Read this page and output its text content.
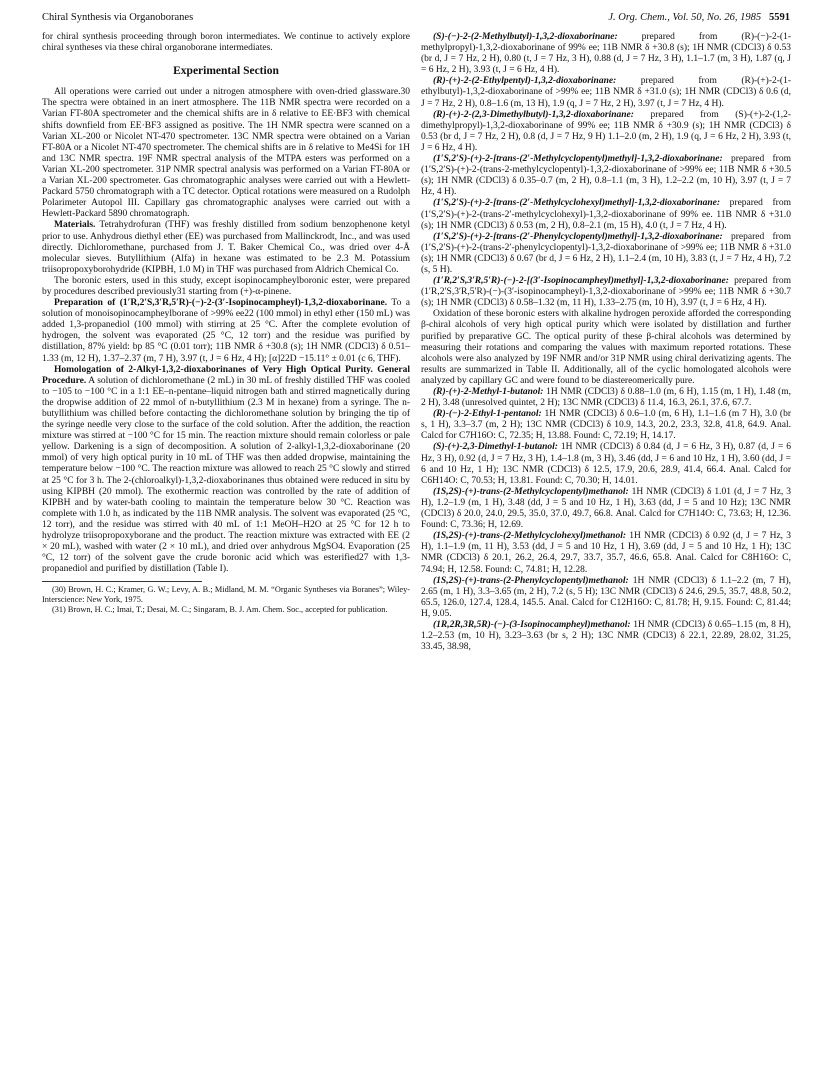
Chiral Synthesis via Organoboranes	J. Org. Chem., Vol. 50, No. 26, 1985 5591

for chiral synthesis proceeding through boron intermediates. We continue to actively explore chiral syntheses via these chiral organoborane intermediates.

Experimental Section

All operations were carried out under a nitrogen atmosphere with oven-dried glassware.30 The spectra were obtained in an inert atmosphere. The 11B NMR spectra were recorded on a Varian FT-80A spectrometer and the chemical shifts are in δ relative to EE·BF3 with chemical shifts downfield from EE·BF3 assigned as positive. The 1H NMR spectra were scanned on a Varian XL-200 or Nicolet NT-470 spectrometer. 13C NMR spectra were obtained on a Varian FT-80A or a Nicolet NT-470 spectrometer. The chemical shifts are in δ relative to Me4Si for 1H and 13C NMR spectra. 19F NMR spectral analysis of the MTPA esters was performed on a Varian XL-200 spectrometer. 31P NMR spectral analysis was performed on a Varian FT-80A or a Varian XL-200 spectrometer. Gas chromatographic analyses were carried out with a Hewlett-Packard 5750 chromatograph with a TC detector. Optical rotations were measured on a Rudolph Polarimeter Autopol III. Capillary gas chromatographic analyses were carried out with a Hewlett-Packard 5890 chromatograph.

Materials. Tetrahydrofuran (THF) was freshly distilled from sodium benzophenone ketyl prior to use. Anhydrous diethyl ether (EE) was purchased from Mallinckrodt, Inc., and was used directly. Dichloromethane, purchased from J. T. Baker Chemical Co., was dried over 4-Å molecular sieves. Butyllithium (Alfa) in hexane was estimated to be 2.3 M. Potassium triisopropoxyborohydride (KIPBH, 1.0 M) in THF was purchased from Aldrich Chemical Co.

The boronic esters, used in this study, except isopinocampheylboronic ester, were prepared by procedures described previously31 starting from (+)-α-pinene.

Preparation of (1′R,2′S,3′R,5′R)-(−)-2-(3′-Isopinocampheyl)-1,3,2-dioxaborinane. To a solution of monoisopinocampheylborane of >99% ee22 (100 mmol) in ethyl ether (150 mL) was added 1,3-propanediol (100 mmol) with stirring at 25 °C. After the complete evolution of hydrogen, the solvent was evaporated (25 °C, 12 torr) and the residue was purified by distillation, 87% yield: bp 85 °C (0.01 torr); 11B NMR δ +30.8 (s); 1H NMR (CDCl3) δ 0.51–1.33 (m, 12 H), 1.37–2.37 (m, 7 H), 3.97 (t, J = 6 Hz, 4 H); [α]22D −15.11° ± 0.01 (c 6, THF).

Homologation of 2-Alkyl-1,3,2-dioxaborinanes of Very High Optical Purity. General Procedure. A solution of dichloromethane (2 mL) in 30 mL of freshly distilled THF was cooled to −105 to −100 °C in a 1:1 EE–n-pentane–liquid nitrogen bath and stirred magnetically during the dropwise addition of 22 mmol of n-butyllithium (2.3 M in hexane) from a syringe. The n-butyllithium was chilled before contacting the dichloromethane solution by bringing the tip of the syringe needle very close to the surface of the cold solution. After the addition, the reaction mixture was stirred at −100 °C for 15 min. The reaction mixture should remain colorless or pale yellow. Darkening is a sign of decomposition. A solution of 2-alkyl-1,3,2-dioxaborinane (20 mmol) of very high optical purity in 10 mL of THF was then added dropwise, maintaining the temperature below −100 °C. The reaction mixture was allowed to reach 25 °C slowly and stirred at 25 °C for 3 h. The 2-(chloroalkyl)-1,3,2-dioxaborinanes thus obtained were reduced in situ by using KIPBH (20 mmol). The exothermic reaction was controlled by the rate of addition of KIPBH and by water-bath cooling to maintain the temperature below 30 °C. Reaction was complete with 1.0 h, as indicated by the 11B NMR analysis. The solvent was evaporated (25 °C, 12 torr), and the residue was stirred with 40 mL of 1:1 MeOH–H2O at 25 °C for 12 h to hydrolyze triisopropoxyborane and the product. The reaction mixture was extracted with EE (2 × 20 mL), washed with water (2 × 10 mL), and dried over anhydrous MgSO4. Evaporation (25 °C, 12 torr) of the solvent gave the crude boronic acid which was esterified27 with 1,3-propanediol and purified by distillation (Table I).

(30) Brown, H. C.; Kramer, G. W.; Levy, A. B.; Midland, M. M. “Organic Syntheses via Boranes”; Wiley-Interscience: New York, 1975.

(31) Brown, H. C.; Imai, T.; Desai, M. C.; Singaram, B. J. Am. Chem. Soc., accepted for publication.

(S)-(−)-2-(2-Methylbutyl)-1,3,2-dioxaborinane: prepared from (R)-(−)-2-(1-methylpropyl)-1,3,2-dioxaborinane of 99% ee; 11B NMR δ +30.8 (s); 1H NMR (CDCl3) δ 0.53 (br d, J = 7 Hz, 2 H), 0.80 (t, J = 7 Hz, 3 H), 0.88 (d, J = 7 Hz, 3 H), 1.1–1.7 (m, 3 H), 1.87 (q, J = 6 Hz, 2 H), 3.93 (t, J = 6 Hz, 4 H).

(R)-(+)-2-(2-Ethylpentyl)-1,3,2-dioxaborinane: prepared from (R)-(+)-2-(1-ethylbutyl)-1,3,2-dioxaborinane of >99% ee; 11B NMR δ +31.0 (s); 1H NMR (CDCl3) δ 0.6 (d, J = 7 Hz, 2 H), 0.8–1.6 (m, 13 H), 1.9 (q, J = 7 Hz, 2 H), 3.97 (t, J = 7 Hz, 4 H).

(R)-(+)-2-(2,3-Dimethylbutyl)-1,3,2-dioxaborinane: prepared from (S)-(+)-2-(1,2-dimethylpropyl)-1,3,2-dioxaborinane of 99% ee; 11B NMR δ +30.9 (s); 1H NMR (CDCl3) δ 0.53 (br d, J = 7 Hz, 2 H), 0.8 (d, J = 7 Hz, 9 H) 1.1–2.0 (m, 2 H), 1.9 (q, J = 6 Hz, 2 H), 3.93 (t, J = 6 Hz, 4 H).

(1′S,2′S)-(+)-2-[trans-(2′-Methylcyclopentyl)methyl]-1,3,2-dioxaborinane: prepared from (1′S,2′S)-(+)-2-(trans-2-methylcyclopentyl)-1,3,2-dioxaborinane of >99% ee; 11B NMR δ +30.5 (s); 1H NMR (CDCl3) δ 0.35–0.7 (m, 2 H), 0.8–1.1 (m, 3 H), 1.2–2.2 (m, 10 H), 3.97 (t, J = 7 Hz, 4 H).

(1′S,2′S)-(+)-2-[trans-(2′-Methylcyclohexyl)methyl]-1,3,2-dioxaborinane: prepared from (1′S,2′S)-(+)-2-(trans-2′-methylcyclohexyl)-1,3,2-dioxaborinane of 99% ee. 11B NMR δ +31.0 (s); 1H NMR (CDCl3) δ 0.53 (m, 2 H), 0.8–2.1 (m, 15 H), 4.0 (t, J = 7 Hz, 4 H).

(1′S,2′S)-(+)-2-[trans-(2′-Phenylcyclopentyl)methyl]-1,3,2-dioxaborinane: prepared from (1′S,2′S)-(+)-2-(trans-2′-phenylcyclopentyl)-1,3,2-dioxaborinane of >99% ee; 11B NMR δ +31.0 (s); 1H NMR (CDCl3) δ 0.67 (br d, J = 6 Hz, 2 H), 1.1–2.4 (m, 10 H), 3.83 (t, J = 7 Hz, 4 H), 7.2 (s, 5 H).

(1′R,2′S,3′R,5′R)-(−)-2-[(3′-Isopinocampheyl)methyl]-1,3,2-dioxaborinane: prepared from (1′R,2′S,3′R,5′R)-(−)-(3′-isopinocampheyl)-1,3,2-dioxaborinane of >99% ee; 11B NMR δ +30.7 (s); 1H NMR (CDCl3) δ 0.58–1.32 (m, 11 H), 1.33–2.75 (m, 10 H), 3.97 (t, J = 6 Hz, 4 H).

Oxidation of these boronic esters with alkaline hydrogen peroxide afforded the corresponding β-chiral alcohols of very high optical purity which were isolated by distillation and further purified by preparative GC. The optical purity of these β-chiral alcohols was determined by measuring their rotations and comparing the values with maximum reported rotations. These alcohols were also analyzed by 19F NMR and/or 31P NMR using chiral derivatizing agents. The results are summarized in Table II. Additionally, all of the cyclic homologated alcohols were analyzed by capillary GC and were found to be diastereomerically pure.

(R)-(+)-2-Methyl-1-butanol: 1H NMR (CDCl3) δ 0.88–1.0 (m, 6 H), 1.15 (m, 1 H), 1.48 (m, 2 H), 3.48 (unresolved quintet, 2 H); 13C NMR (CDCl3) δ 11.4, 16.3, 26.1, 37.6, 67.7.

(R)-(−)-2-Ethyl-1-pentanol: 1H NMR (CDCl3) δ 0.6–1.0 (m, 6 H), 1.1–1.6 (m 7 H), 3.0 (br s, 1 H), 3.3–3.7 (m, 2 H); 13C NMR (CDCl3) δ 10.9, 14.3, 20.2, 23.3, 32.8, 41.8, 64.9. Anal. Calcd for C7H16O: C, 72.35; H, 13.88. Found: C, 72.19; H, 14.17.

(S)-(+)-2,3-Dimethyl-1-butanol: 1H NMR (CDCl3) δ 0.84 (d, J = 6 Hz, 3 H), 0.87 (d, J = 6 Hz, 3 H), 0.92 (d, J = 7 Hz, 3 H), 1.4–1.8 (m, 3 H), 3.46 (dd, J = 6 and 10 Hz, 1 H), 3.60 (dd, J = 6 and 10 Hz, 1 H); 13C NMR (CDCl3) δ 12.5, 17.9, 20.6, 28.9, 41.4, 66.4. Anal. Calcd for C6H14O: C, 70.53; H, 13.81. Found: C, 70.30; H, 14.01.

(1S,2S)-(+)-trans-(2-Methylcyclopentyl)methanol: 1H NMR (CDCl3) δ 1.01 (d, J = 7 Hz, 3 H), 1.2–1.9 (m, 1 H), 3.48 (dd, J = 5 and 10 Hz, 1 H), 3.63 (dd, J = 5 and 10 Hz); 13C NMR (CDCl3) δ 20.0, 24.0, 29.5, 35.0, 37.0, 49.7, 66.8. Anal. Calcd for C7H14O: C, 73.63; H, 12.36. Found: C, 73.36; H, 12.69.

(1S,2S)-(+)-trans-(2-Methylcyclohexyl)methanol: 1H NMR (CDCl3) δ 0.92 (d, J = 7 Hz, 3 H), 1.1–1.9 (m, 11 H), 3.53 (dd, J = 5 and 10 Hz, 1 H), 3.69 (dd, J = 5 and 10 Hz, 1 H); 13C NMR (CDCl3) δ 20.1, 26.2, 26.4, 29.7, 33.7, 35.7, 46.6, 65.8. Anal. Calcd for C8H16O: C, 74.94; H, 12.58. Found: C, 74.81; H, 12.28.

(1S,2S)-(+)-trans-(2-Phenylcyclopentyl)methanol: 1H NMR (CDCl3) δ 1.1–2.2 (m, 7 H), 2.65 (m, 1 H), 3.3–3.65 (m, 2 H), 7.2 (s, 5 H); 13C NMR (CDCl3) δ 24.6, 29.5, 35.7, 48.8, 50.2, 65.5, 126.0, 127.4, 128.4, 145.5. Anal. Calcd for C12H16O: C, 81.78; H, 9.15. Found: C, 81.44; H, 9.05.

(1R,2R,3R,5R)-(−)-(3-Isopinocampheyl)methanol: 1H NMR (CDCl3) δ 0.65–1.15 (m, 8 H), 1.2–2.53 (m, 10 H), 3.23–3.63 (br s, 2 H); 13C NMR (CDCl3) δ 22.1, 22.89, 28.02, 31.25, 33.45, 38.98,
